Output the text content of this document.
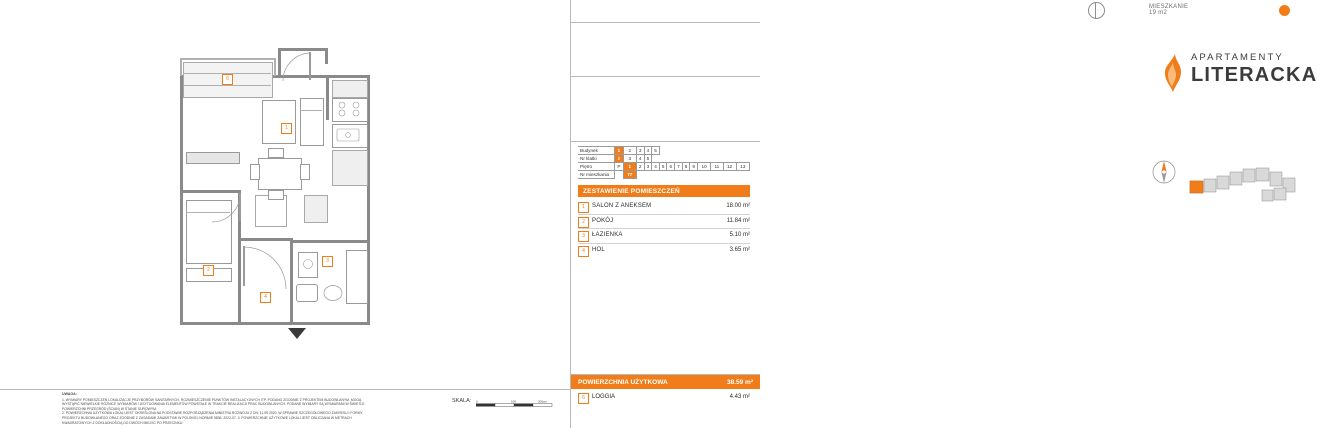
MIESZKANIE 19 m2
APARTAMENTY
LITERACKA
Budynek	1	2	3	4	5									
Nr klatki	2	3	4	5										
Piętro	P	1	2	3	4	5	6	7	8	9	10	11	12	13
Nr mieszkania		77												
ZESTAWIENIE POMIESZCZEŃ
1	SALON Z ANEKSEM	18.00 m²
2	POKÓJ	11.84 m²
3	ŁAZIENKA	5.10 m²
4	HOL	3.65 m²
POWIERZCHNIA UŻYTKOWA	38.59 m²
6	LOGGIA	4.43 m²
UWAGA:
1. WYMIARY POMIESZCZEŃ LOKALIZACJE PRZYBORÓW SANITARNYCH, ROZMIESZCZENIE PUNKTÓW INSTALACYJNYCH ITP. PODANO ZGODNIE Z PROJEKTEM BUDOWLANYM. MOGĄ
WYSTĄPIĆ NIEWIELKIE RÓŻNICE WYMIARÓW I USYTUOWANIA ELEMENTÓW POWSTAŁE W TRAKCIE REALIZACJI PRAC BUDOWLANYCH. PODANE WYMIARY SĄ WYMIARAMI W ŚWIETLE
POWIERZCHNI PRZEGRÓD (ŚCIAN) W STANIE SUROWYM.
2. POWIERZCHNIA UŻYTKOWA LOKALI JEST OKREŚLONA NA PODSTAWIE ROZPORZĄDZENIA MINISTRA ROZWOJU Z DN. 11.09.2020. W SPRAWIE SZCZEGÓŁOWEGO ZAKRESU I FORMY
PROJEKTU BUDOWLANEGO ORAZ ZGODNIE Z ZASADAMI ZAWARTYMI W POLSKIEJ NORMIE 9836: 2022-07. 3. POWIERZCHNIE UŻYTKOWE LOKALI JEST OBLICZANA W METRACH
KWADRATOWYCH Z DOKŁADNOŚCIĄ DO DWÓCH MIEJSC PO PRZECINKU.
SKALA: 0	100	200cm
6
2
1
3
4
